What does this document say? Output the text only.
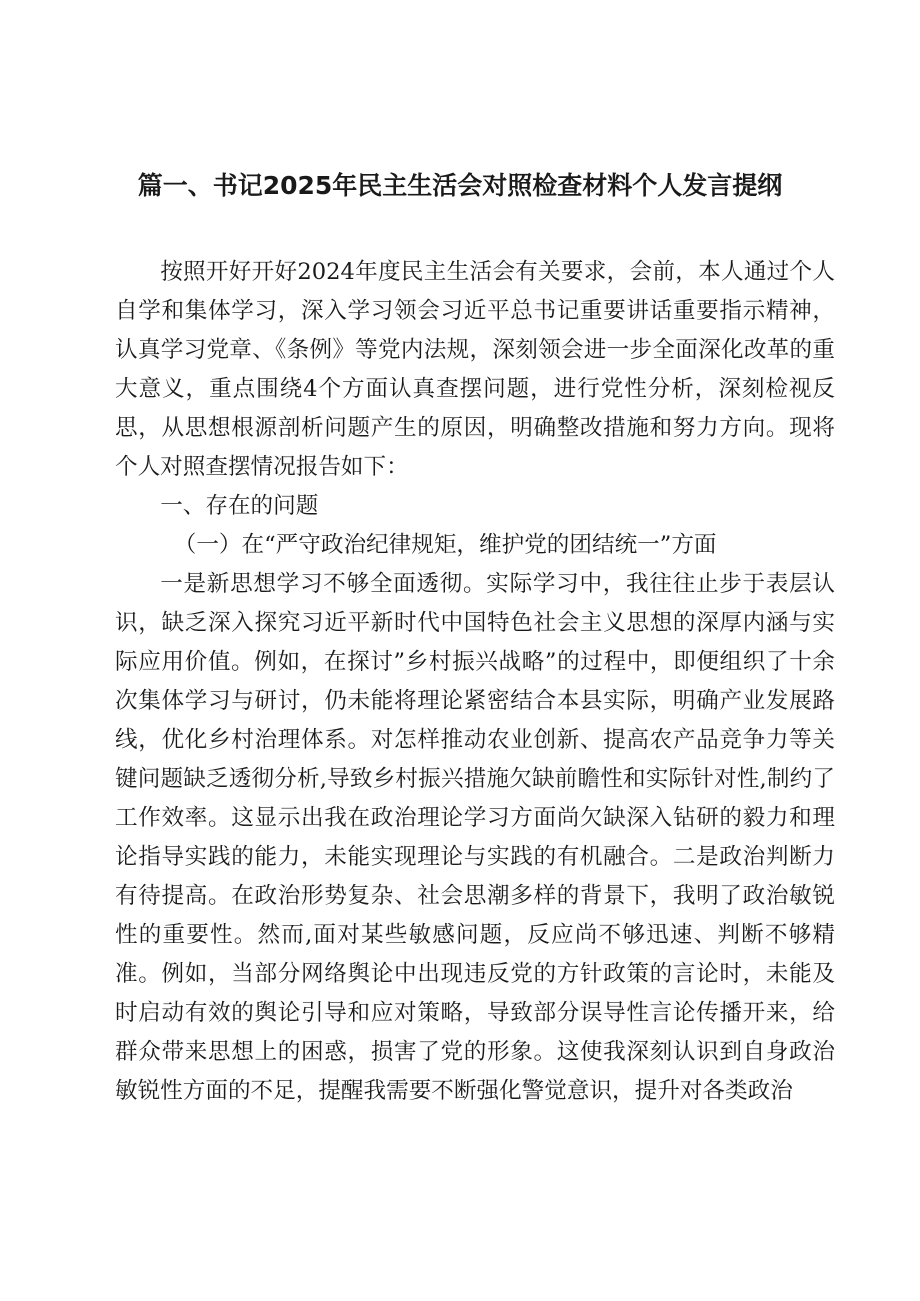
篇一、书记2025年民主生活会对照检查材料个人发言提纲

按照开好开好2024年度民主生活会有关要求，会前，本人通过个人自学和集体学习，深入学习领会习近平总书记重要讲话重要指示精神，认真学习党章、《条例》等党内法规，深刻领会进一步全面深化改革的重大意义，重点围绕4个方面认真查摆问题，进行党性分析，深刻检视反思，从思想根源剖析问题产生的原因，明确整改措施和努力方向。现将个人对照查摆情况报告如下：

一、存在的问题

（一）在“严守政治纪律规矩，维护党的团结统一”方面

一是新思想学习不够全面透彻。实际学习中，我往往止步于表层认识，缺乏深入探究习近平新时代中国特色社会主义思想的深厚内涵与实际应用价值。例如，在探讨”乡村振兴战略”的过程中，即便组织了十余次集体学习与研讨，仍未能将理论紧密结合本县实际，明确产业发展路线，优化乡村治理体系。对怎样推动农业创新、提高农产品竞争力等关键问题缺乏透彻分析,导致乡村振兴措施欠缺前瞻性和实际针对性,制约了工作效率。这显示出我在政治理论学习方面尚欠缺深入钻研的毅力和理论指导实践的能力，未能实现理论与实践的有机融合。二是政治判断力有待提高。在政治形势复杂、社会思潮多样的背景下，我明了政治敏锐性的重要性。然而,面对某些敏感问题，反应尚不够迅速、判断不够精准。例如，当部分网络舆论中出现违反党的方针政策的言论时，未能及时启动有效的舆论引导和应对策略，导致部分误导性言论传播开来，给群众带来思想上的困惑，损害了党的形象。这使我深刻认识到自身政治敏锐性方面的不足，提醒我需要不断强化警觉意识，提升对各类政治
